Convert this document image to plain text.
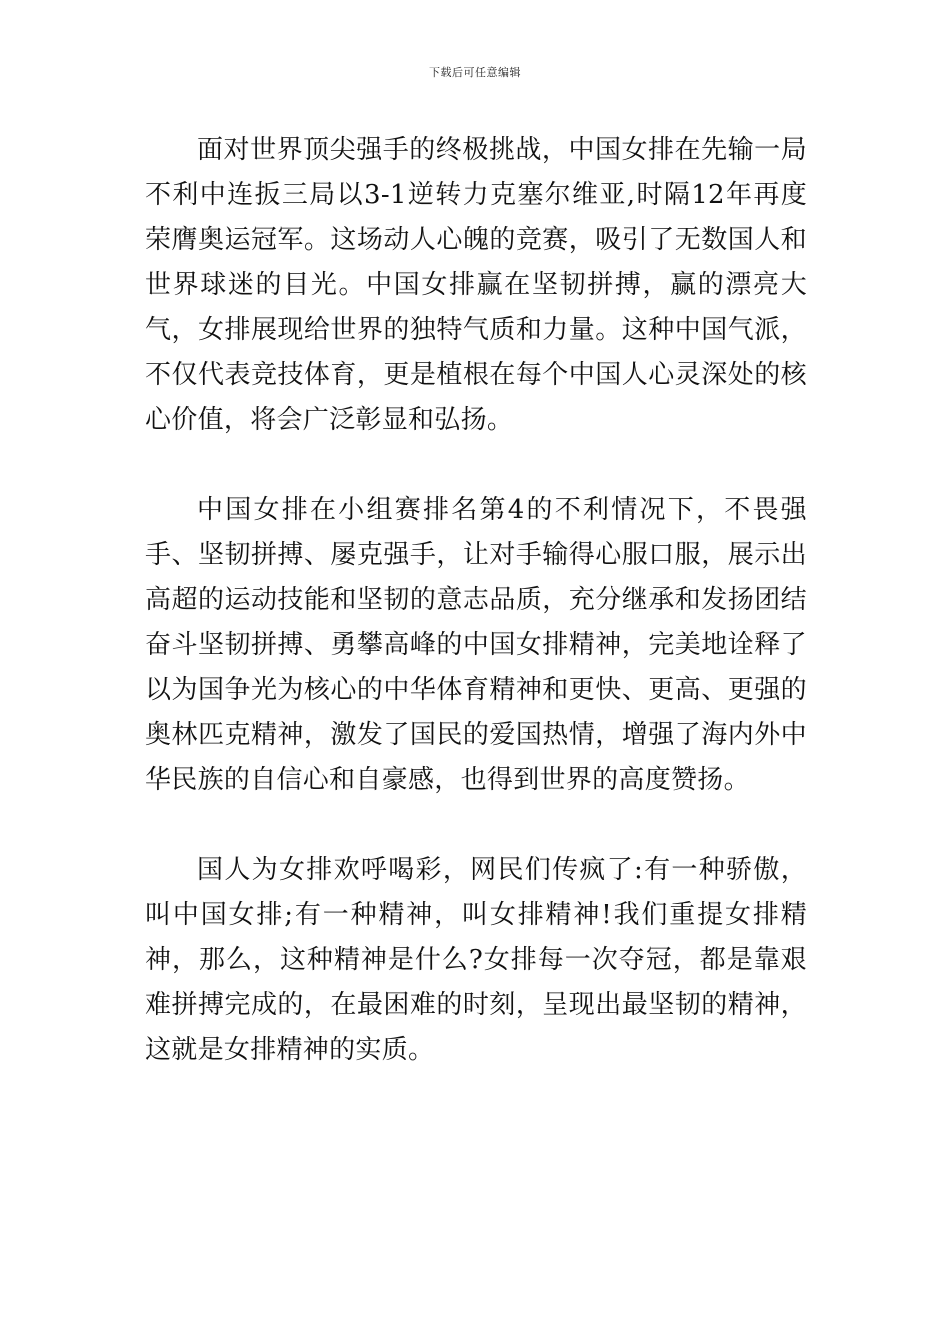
下载后可任意编辑

面对世界顶尖强手的终极挑战，中国女排在先输一局不利中连扳三局以3-1逆转力克塞尔维亚,时隔12年再度荣膺奥运冠军。这场动人心魄的竞赛，吸引了无数国人和世界球迷的目光。中国女排赢在坚韧拼搏，赢的漂亮大气，女排展现给世界的独特气质和力量。这种中国气派，不仅代表竞技体育，更是植根在每个中国人心灵深处的核心价值，将会广泛彰显和弘扬。

中国女排在小组赛排名第4的不利情况下，不畏强手、坚韧拼搏、屡克强手，让对手输得心服口服，展示出高超的运动技能和坚韧的意志品质，充分继承和发扬团结奋斗坚韧拼搏、勇攀高峰的中国女排精神，完美地诠释了以为国争光为核心的中华体育精神和更快、更高、更强的奥林匹克精神，激发了国民的爱国热情，增强了海内外中华民族的自信心和自豪感，也得到世界的高度赞扬。

国人为女排欢呼喝彩，网民们传疯了:有一种骄傲，叫中国女排;有一种精神，叫女排精神!我们重提女排精神，那么，这种精神是什么?女排每一次夺冠，都是靠艰难拼搏完成的，在最困难的时刻，呈现出最坚韧的精神，这就是女排精神的实质。
